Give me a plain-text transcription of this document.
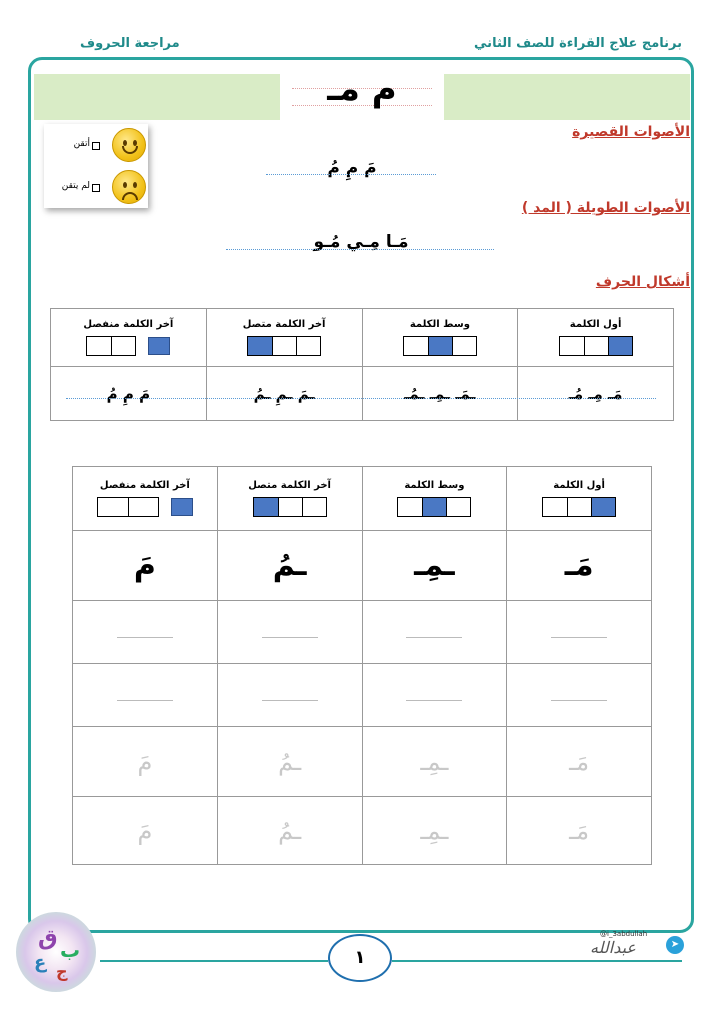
برنامج علاج القراءة للصف الثاني
مراجعة الحروف
م مـ
أتقن
لم يتقن
الأصوات القصيرة
مَ مِ مُ
الأصوات الطويلة ( المد )
مَـا مِـي مُـو
أشكال الحرف
آخر الكلمة منفصل	آخر الكلمة متصل	وسط الكلمة	أول الكلمة

مَ مِ مُ	ـمَ ـمِ ـمُ	ـمَـ ـمِـ ـمُـ	مَـ مِـ مُـ
آخر الكلمة منفصل	آخر الكلمة متصل	وسط الكلمة	أول الكلمة

مَ	ـمُ	ـمِـ	مَـ

مَ	ـمُ	ـمِـ	مَـ
مَ	ـمُ	ـمِـ	مَـ
١
➤
@i_3abdullah
عبدالله
ق ب
ع ج
